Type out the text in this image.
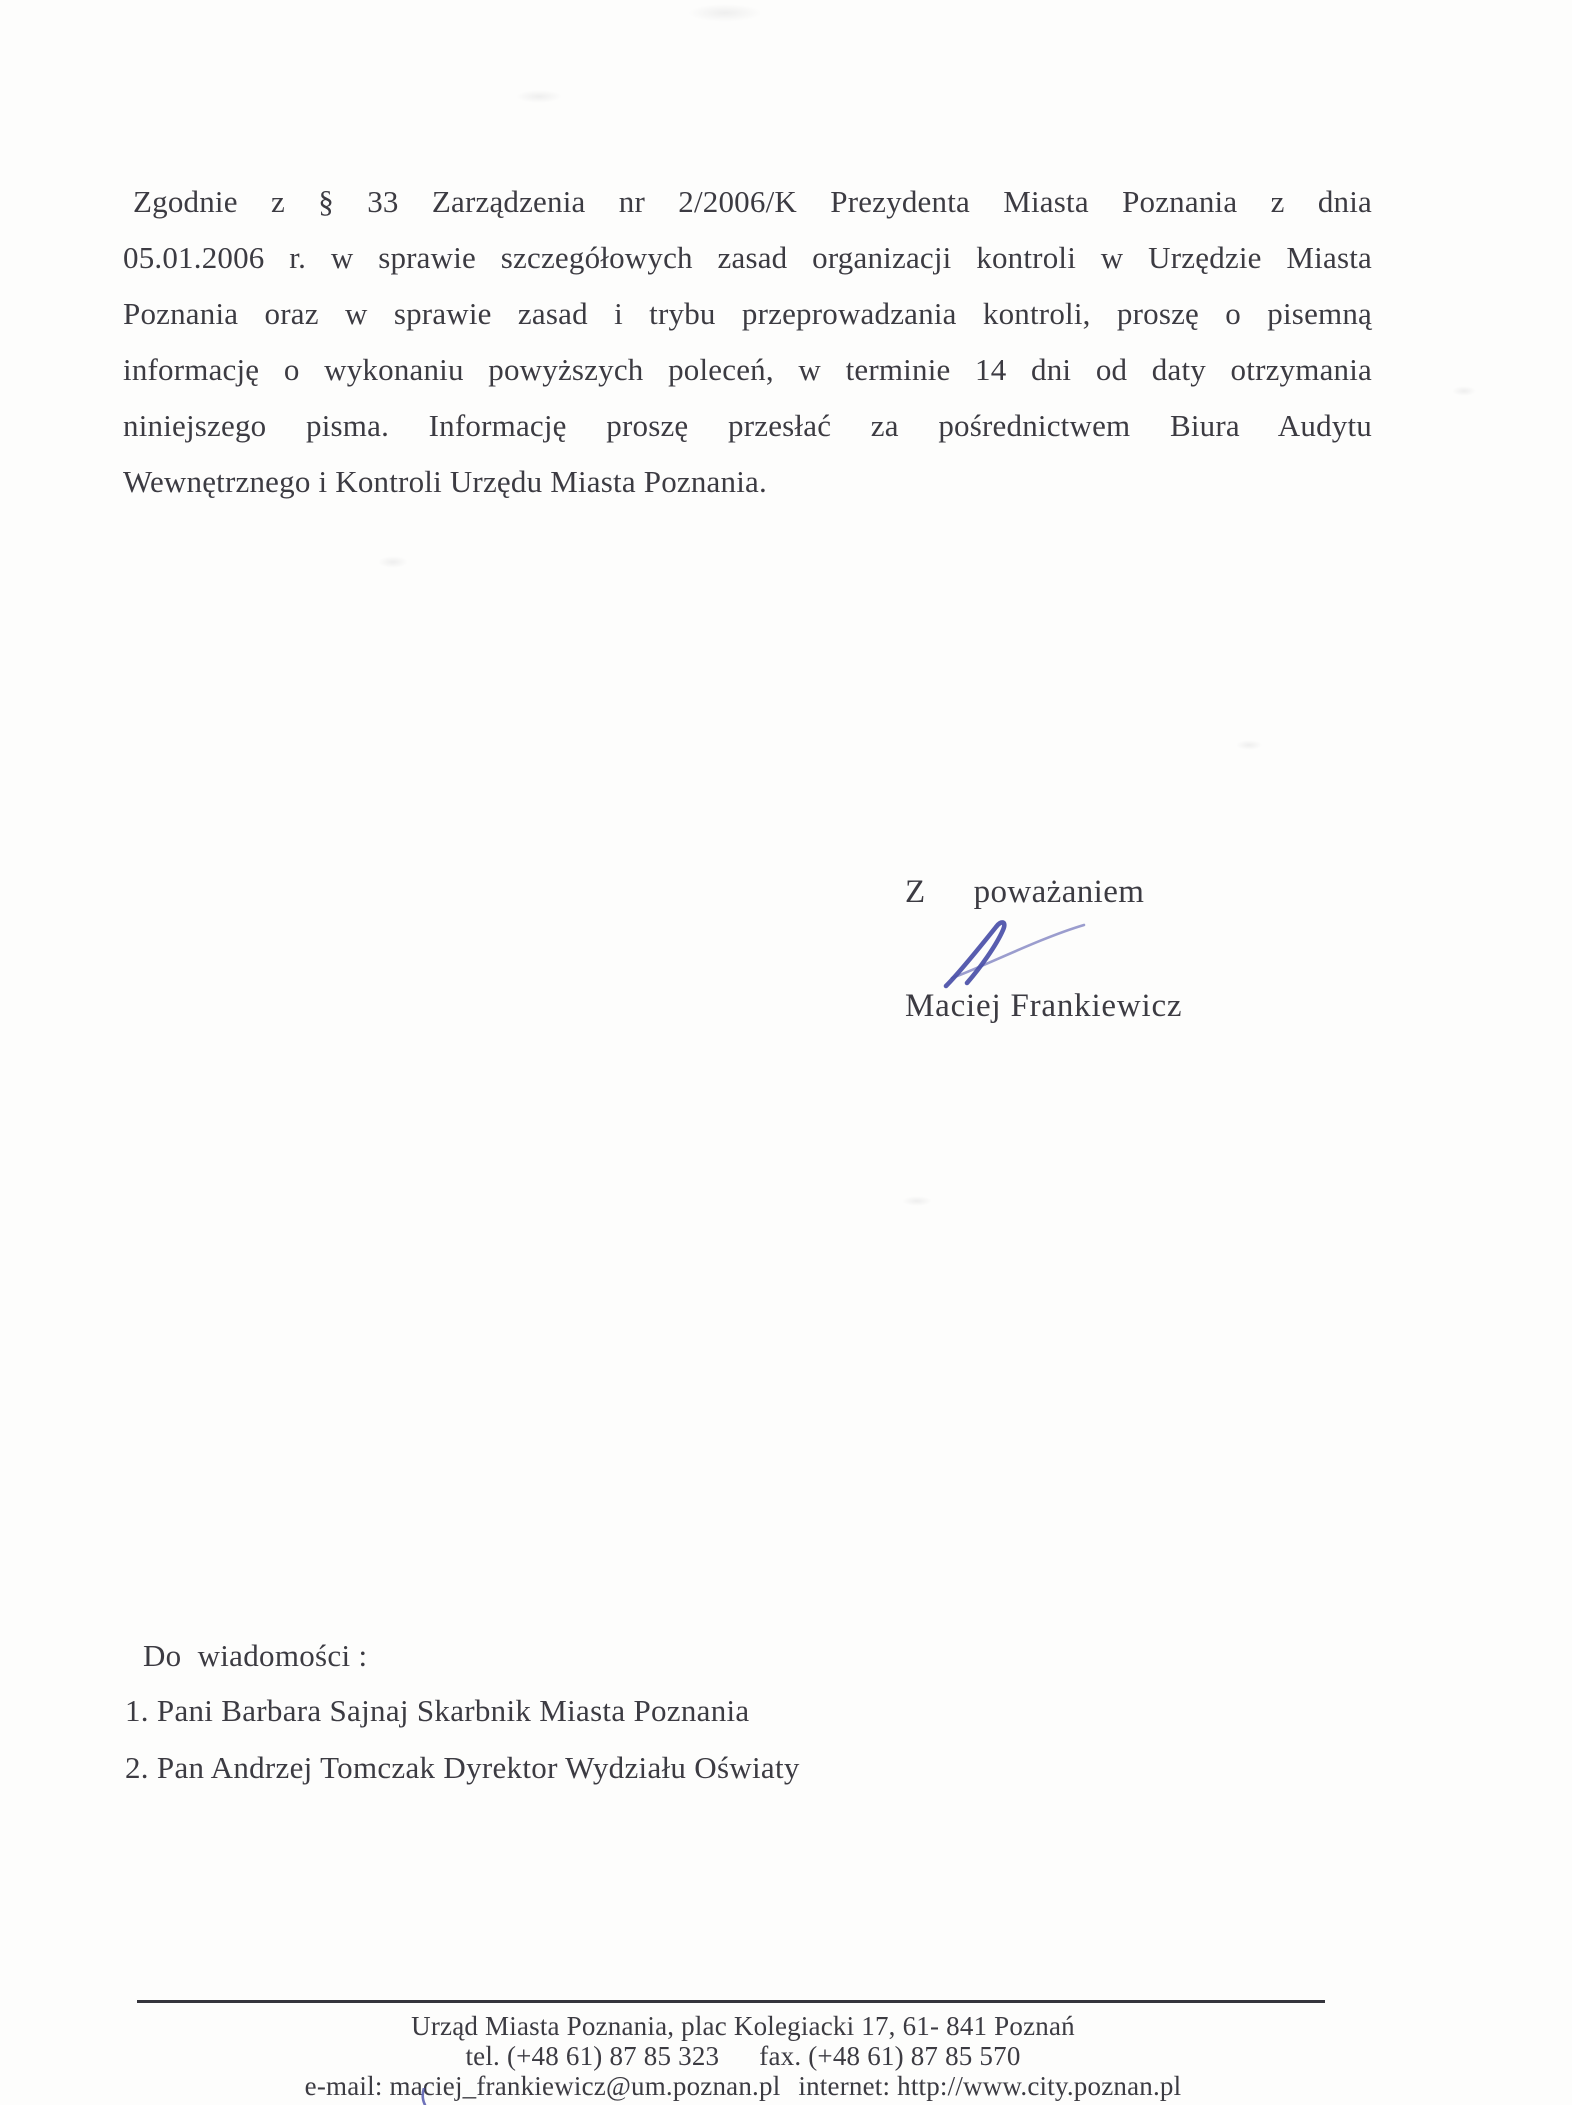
Zgodnie z § 33 Zarządzenia nr 2/2006/K Prezydenta Miasta Poznania z dnia
05.01.2006 r. w sprawie szczegółowych zasad organizacji kontroli w Urzędzie Miasta
Poznania oraz w sprawie zasad i trybu przeprowadzania kontroli, proszę o pisemną
informację o wykonaniu powyższych poleceń, w terminie 14 dni od daty otrzymania
niniejszego pisma. Informację proszę przesłać za pośrednictwem Biura Audytu
Wewnętrznego i Kontroli Urzędu Miasta Poznania.
Z poważaniem
Maciej Frankiewicz
Do  wiadomości :
1. Pani Barbara Sajnaj Skarbnik Miasta Poznania
2. Pan Andrzej Tomczak Dyrektor Wydziału Oświaty
Urząd Miasta Poznania, plac Kolegiacki 17, 61- 841 Poznań
tel. (+48 61) 87 85 323 fax. (+48 61) 87 85 570
e-mail: maciej_frankiewicz@um.poznan.pl internet: http://www.city.poznan.pl
